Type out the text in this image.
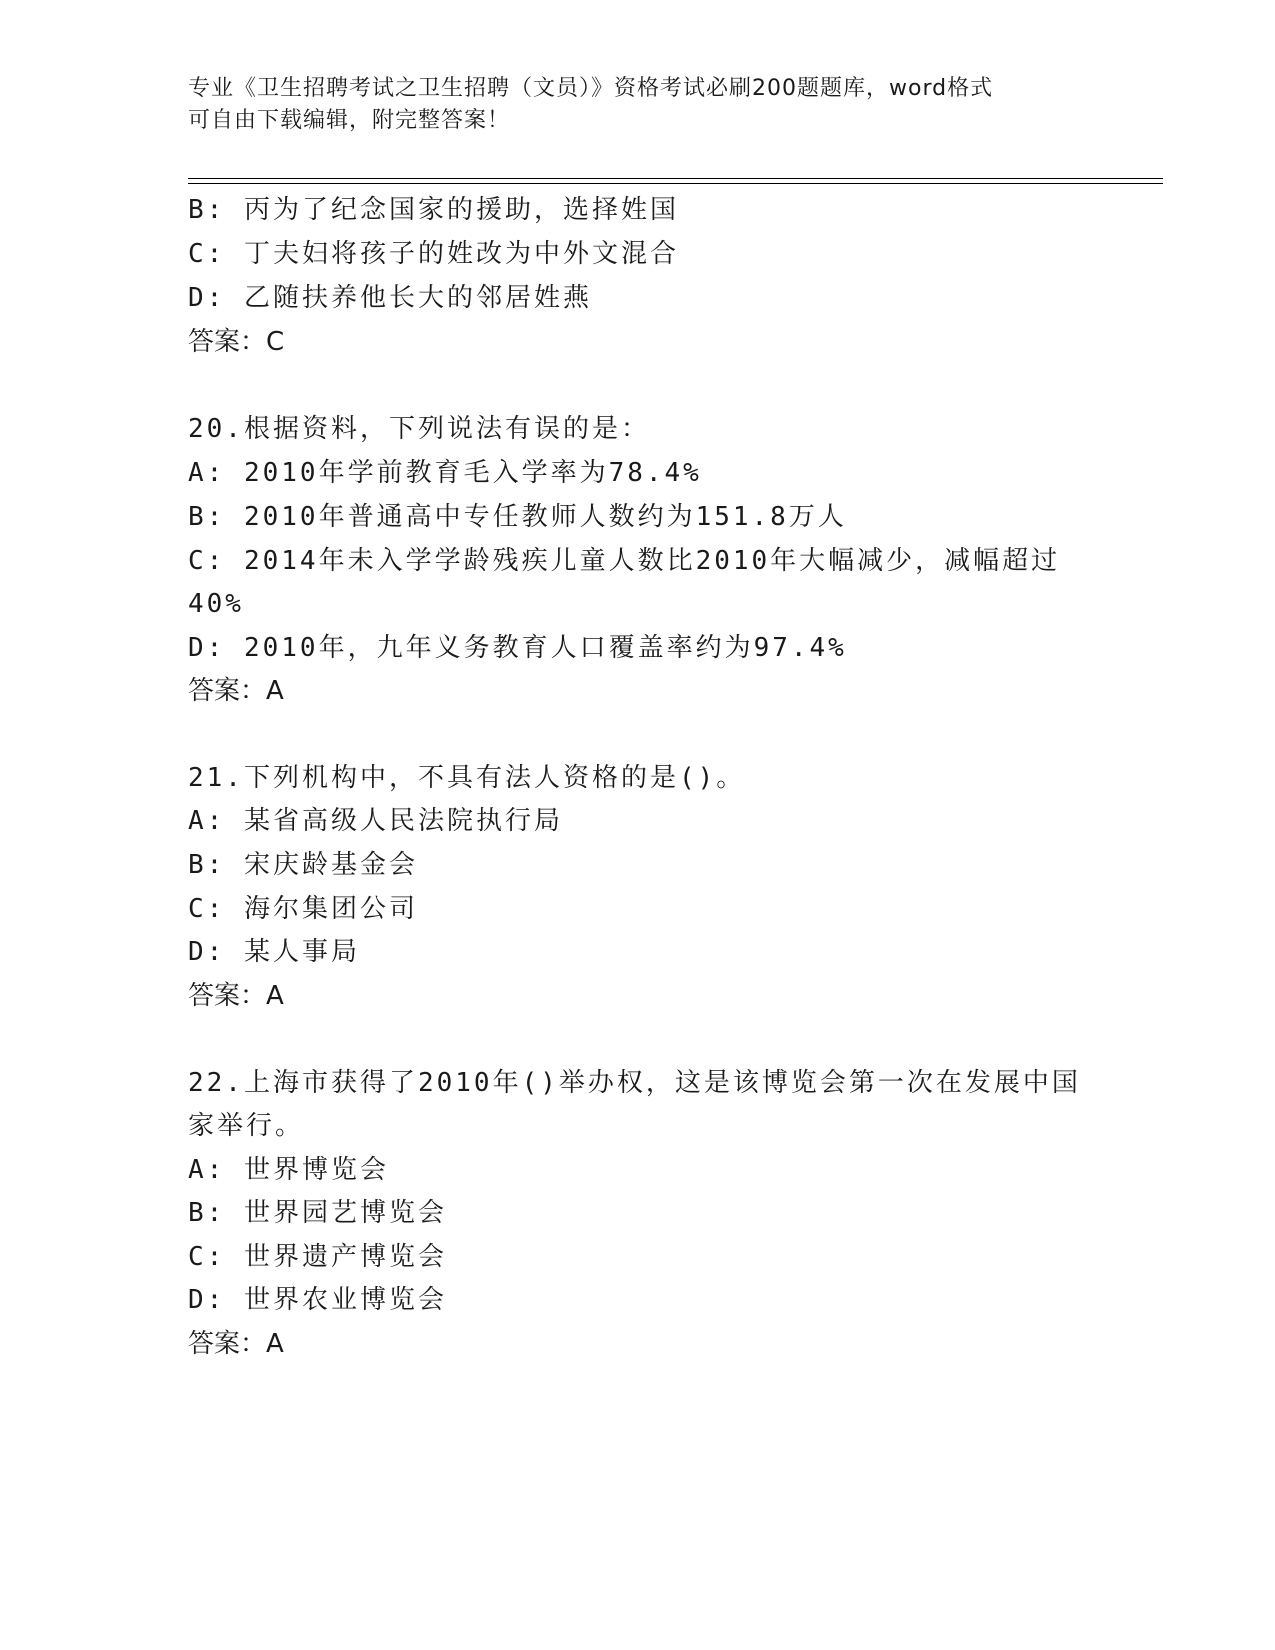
专业《卫生招聘考试之卫生招聘（文员）》资格考试必刷200题题库，word格式
可自由下载编辑，附完整答案！
B: 丙为了纪念国家的援助，选择姓国
C: 丁夫妇将孩子的姓改为中外文混合
D: 乙随扶养他长大的邻居姓燕
答案：C
20.根据资料，下列说法有误的是：
A: 2010年学前教育毛入学率为78.4%
B: 2010年普通高中专任教师人数约为151.8万人
C: 2014年未入学学龄残疾儿童人数比2010年大幅减少，减幅超过
40%
D: 2010年，九年义务教育人口覆盖率约为97.4%
答案：A
21.下列机构中，不具有法人资格的是()。
A: 某省高级人民法院执行局
B: 宋庆龄基金会
C: 海尔集团公司
D: 某人事局
答案：A
22.上海市获得了2010年()举办权，这是该博览会第一次在发展中国
家举行。
A: 世界博览会
B: 世界园艺博览会
C: 世界遗产博览会
D: 世界农业博览会
答案：A
